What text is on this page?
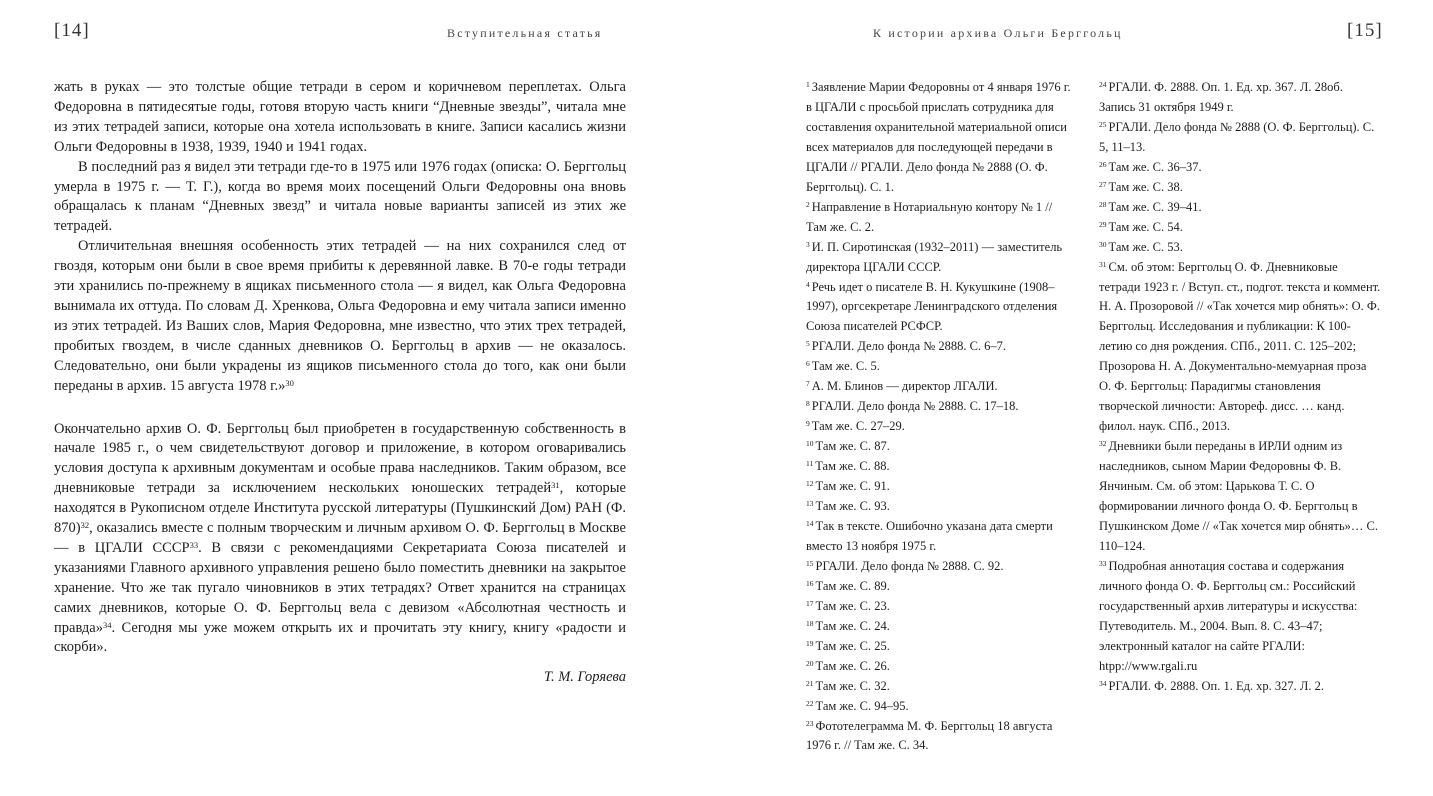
[14]	Вступительная статья

жать в руках — это толстые общие тетради в сером и коричневом переплетах. Ольга Федоровна в пятидесятые годы, готовя вторую часть книги “Дневные звезды”, читала мне из этих тетрадей записи, которые она хотела использовать в книге. Записи касались жизни Ольги Федоровны в 1938, 1939, 1940 и 1941 годах.

В последний раз я видел эти тетради где-то в 1975 или 1976 годах (описка: О. Берггольц умерла в 1975 г. — Т. Г.), когда во время моих посещений Ольги Федоровны она вновь обращалась к планам “Дневных звезд” и читала новые варианты записей из этих же тетрадей.

Отличительная внешняя особенность этих тетрадей — на них сохранился след от гвоздя, которым они были в свое время прибиты к деревянной лавке. В 70-е годы тетради эти хранились по-прежнему в ящиках письменного стола — я видел, как Ольга Федоровна вынимала их оттуда. По словам Д. Хренкова, Ольга Федоровна и ему читала записи именно из этих тетрадей. Из Ваших слов, Мария Федоровна, мне известно, что этих трех тетрадей, пробитых гвоздем, в числе сданных дневников О. Берггольц в архив — не оказалось. Следовательно, они были украдены из ящиков письменного стола до того, как они были переданы в архив. 15 августа 1978 г.»$^{30}$

Окончательно архив О. Ф. Берггольц был приобретен в государственную собственность в начале 1985 г., о чем свидетельствуют договор и приложение, в котором оговаривались условия доступа к архивным документам и особые права наследников. Таким образом, все дневниковые тетради за исключением нескольких юношеских тетрадей$^{31}$, которые находятся в Рукописном отделе Института русской литературы (Пушкинский Дом) РАН (Ф. 870)$^{32}$, оказались вместе с полным творческим и личным архивом О. Ф. Берггольц в Москве — в ЦГАЛИ СССР$^{33}$. В связи с рекомендациями Секретариата Союза писателей и указаниями Главного архивного управления решено было поместить дневники на закрытое хранение. Что же так пугало чиновников в этих тетрадях? Ответ хранится на страницах самих дневников, которые О. Ф. Берггольц вела с девизом «Абсолютная честность и правда»$^{34}$. Сегодня мы уже можем открыть их и прочитать эту книгу, книгу «радости и скорби».

Т. М. Горяева
К истории архива Ольги Берггольц	[15]

$^1$ Заявление Марии Федоровны от 4 января 1976 г. в ЦГАЛИ с просьбой прислать сотрудника для составления охранительной материальной описи всех материалов для последующей передачи в ЦГАЛИ // РГАЛИ. Дело фонда № 2888 (О. Ф. Берггольц). С. 1.

$^2$ Направление в Нотариальную контору № 1 // Там же. С. 2.

$^3$ И. П. Сиротинская (1932–2011) — заместитель директора ЦГАЛИ СССР.

$^4$ Речь идет о писателе В. Н. Кукушкине (1908–1997), оргсекретаре Ленинградского отделения Союза писателей РСФСР.

$^5$ РГАЛИ. Дело фонда № 2888. С. 6–7.

$^6$ Там же. С. 5.

$^7$ А. М. Блинов — директор ЛГАЛИ.

$^8$ РГАЛИ. Дело фонда № 2888. С. 17–18.

$^9$ Там же. С. 27–29.

$^{10}$ Там же. С. 87.

$^{11}$ Там же. С. 88.

$^{12}$ Там же. С. 91.

$^{13}$ Там же. С. 93.

$^{14}$ Так в тексте. Ошибочно указана дата смерти вместо 13 ноября 1975 г.

$^{15}$ РГАЛИ. Дело фонда № 2888. С. 92.

$^{16}$ Там же. С. 89.

$^{17}$ Там же. С. 23.

$^{18}$ Там же. С. 24.

$^{19}$ Там же. С. 25.

$^{20}$ Там же. С. 26.

$^{21}$ Там же. С. 32.

$^{22}$ Там же. С. 94–95.

$^{23}$ Фототелеграмма М. Ф. Берггольц 18 августа 1976 г. // Там же. С. 34.

$^{24}$ РГАЛИ. Ф. 2888. Оп. 1. Ед. хр. 367. Л. 28об. Запись 31 октября 1949 г.

$^{25}$ РГАЛИ. Дело фонда № 2888 (О. Ф. Берггольц). С. 5, 11–13.

$^{26}$ Там же. С. 36–37.

$^{27}$ Там же. С. 38.

$^{28}$ Там же. С. 39–41.

$^{29}$ Там же. С. 54.

$^{30}$ Там же. С. 53.

$^{31}$ См. об этом: Берггольц О. Ф. Дневниковые тетради 1923 г. / Вступ. ст., подгот. текста и коммент. Н. А. Прозоровой // «Так хочется мир обнять»: О. Ф. Берггольц. Исследования и публикации: К 100-летию со дня рождения. СПб., 2011. С. 125–202; Прозорова Н. А. Документально-мемуарная проза О. Ф. Берггольц: Парадигмы становления творческой личности: Автореф. дисс. … канд. филол. наук. СПб., 2013.

$^{32}$ Дневники были переданы в ИРЛИ одним из наследников, сыном Марии Федоровны Ф. В. Янчиным. См. об этом: Царькова Т. С. О формировании личного фонда О. Ф. Берггольц в Пушкинском Доме // «Так хочется мир обнять»… С. 110–124.

$^{33}$ Подробная аннотация состава и содержания личного фонда О. Ф. Берггольц см.: Российский государственный архив литературы и искусства: Путеводитель. М., 2004. Вып. 8. С. 43–47; электронный каталог на сайте РГАЛИ: htpp://www.rgali.ru

$^{34}$ РГАЛИ. Ф. 2888. Оп. 1. Ед. хр. 327. Л. 2.
